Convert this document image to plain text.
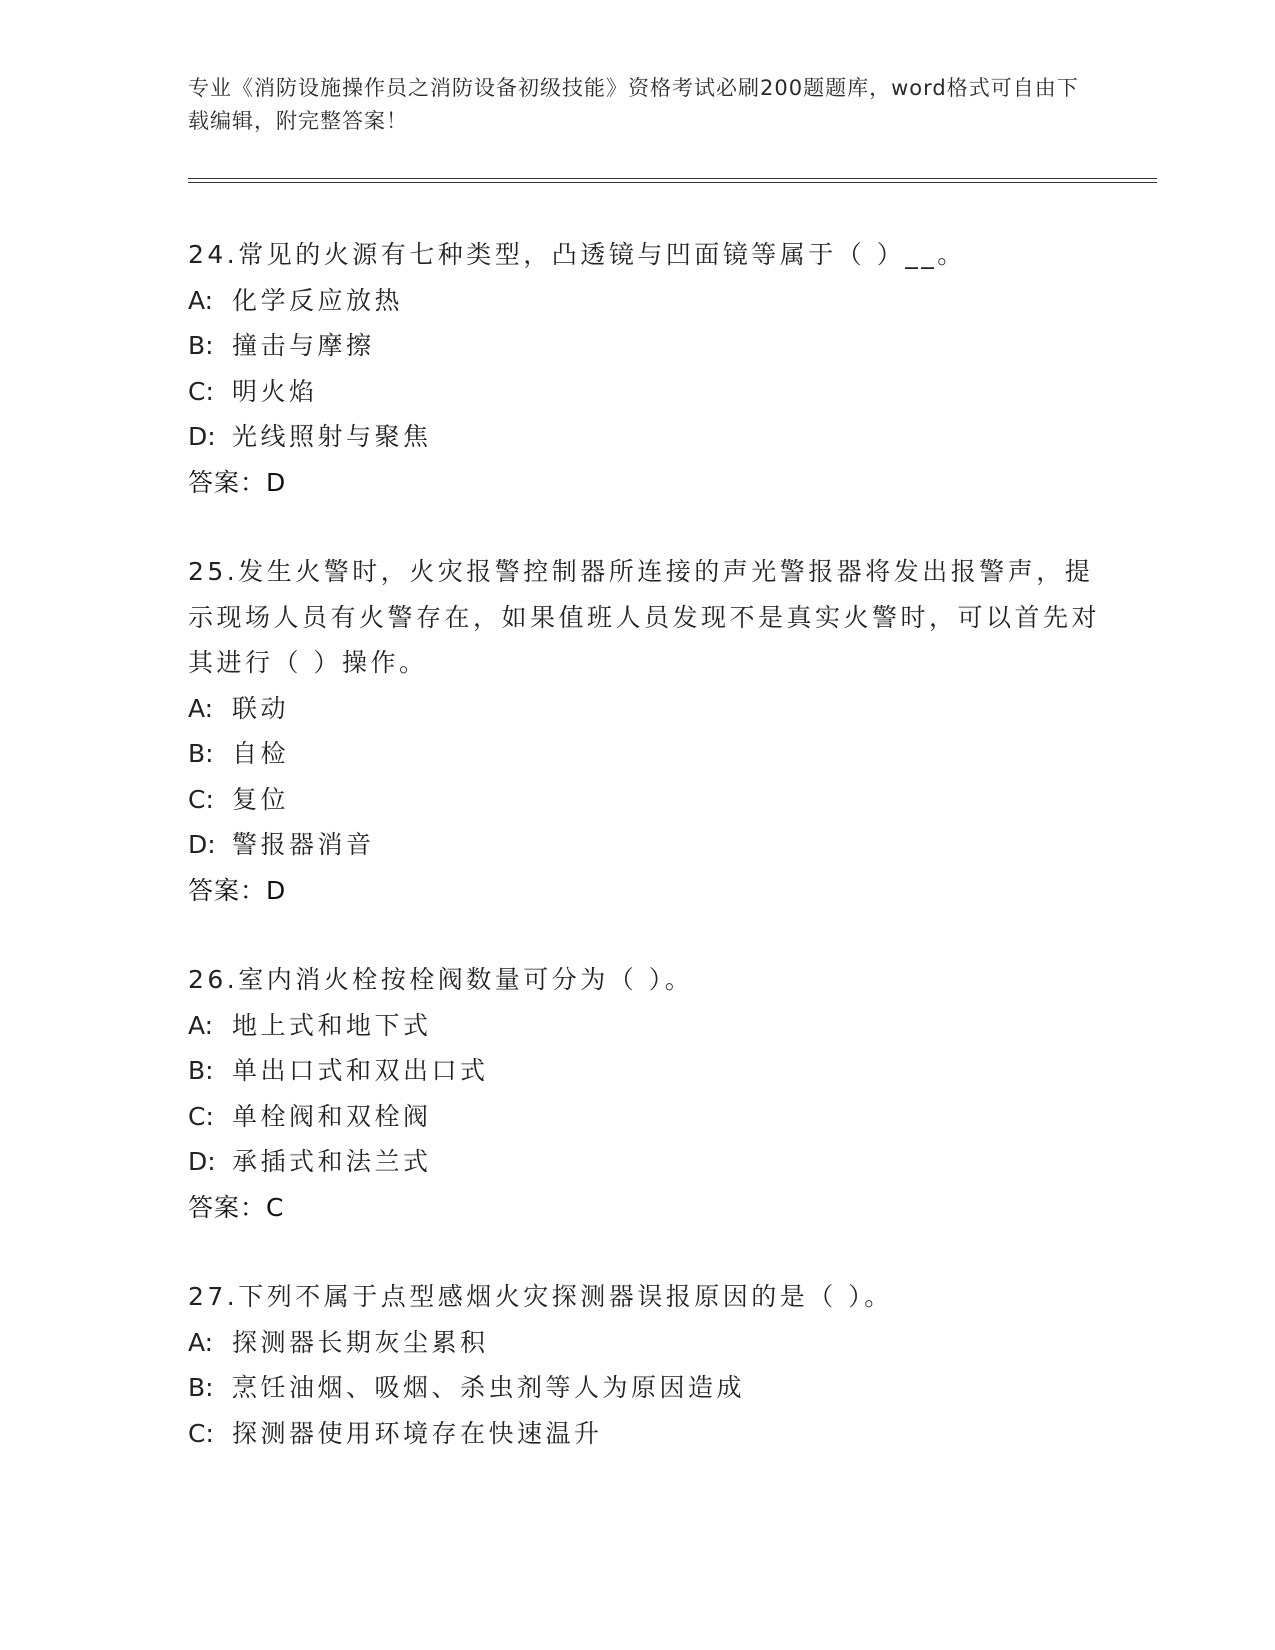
专业《消防设施操作员之消防设备初级技能》资格考试必刷200题题库，word格式可自由下载编辑，附完整答案！

24.常见的火源有七种类型，凸透镜与凹面镜等属于（ ）__。

A: 化学反应放热

B: 撞击与摩擦

C: 明火焰

D: 光线照射与聚焦

答案：D

25.发生火警时，火灾报警控制器所连接的声光警报器将发出报警声，提示现场人员有火警存在，如果值班人员发现不是真实火警时，可以首先对其进行（ ）操作。

A: 联动

B: 自检

C: 复位

D: 警报器消音

答案：D

26.室内消火栓按栓阀数量可分为（ ）。

A: 地上式和地下式

B: 单出口式和双出口式

C: 单栓阀和双栓阀

D: 承插式和法兰式

答案：C

27.下列不属于点型感烟火灾探测器误报原因的是（ ）。

A: 探测器长期灰尘累积

B: 烹饪油烟、吸烟、杀虫剂等人为原因造成

C: 探测器使用环境存在快速温升
